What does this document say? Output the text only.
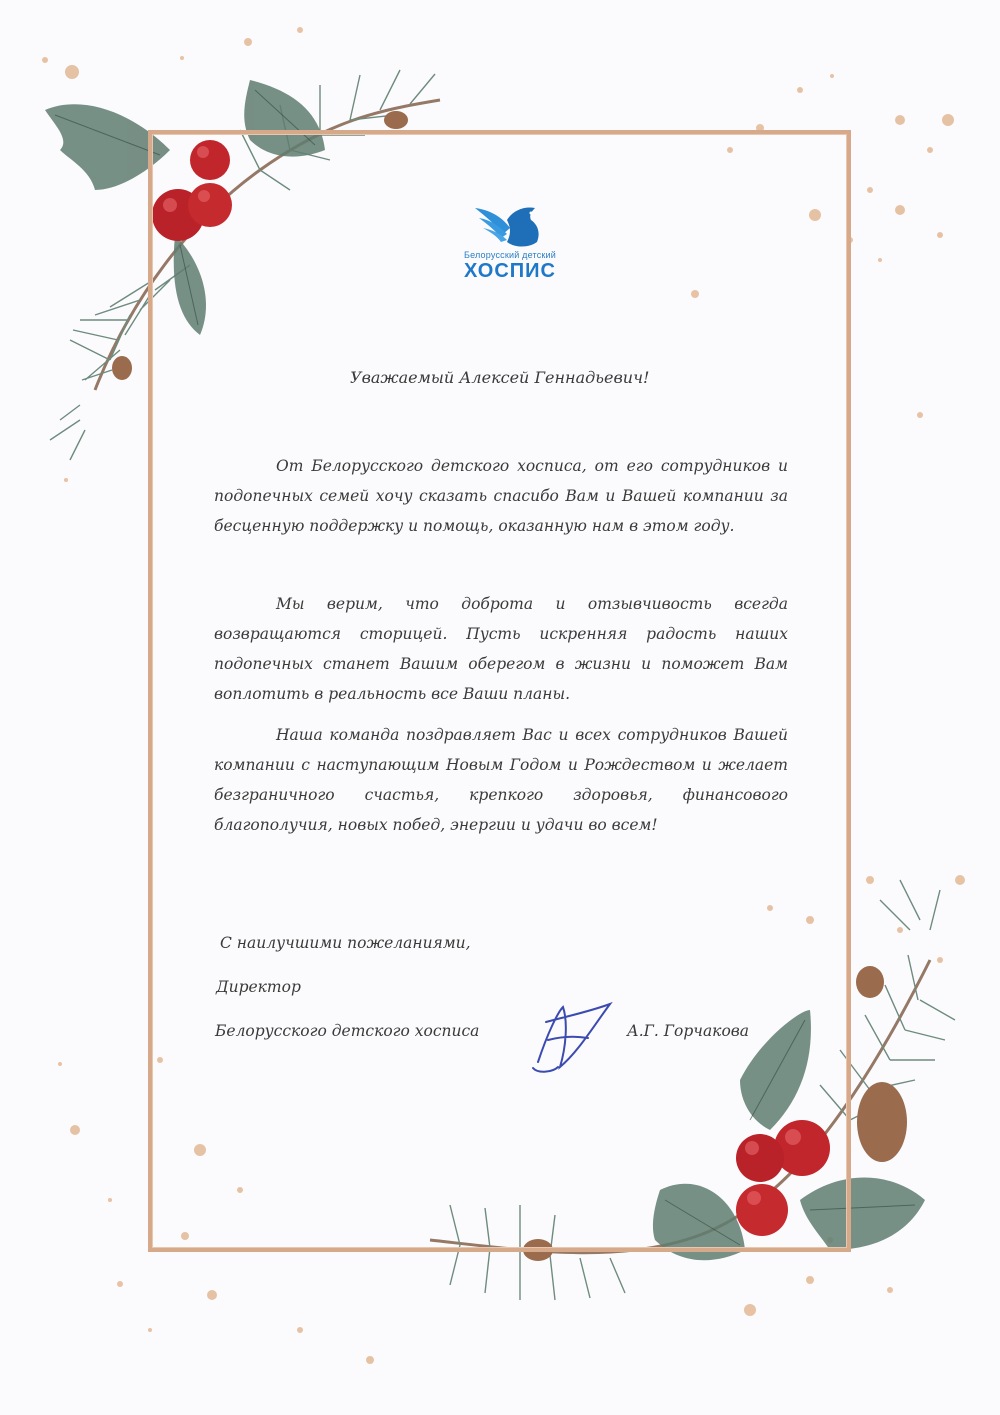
Белорусский детский
ХОСПИС
Уважаемый Алексей Геннадьевич!
От Белорусского детского хосписа, от его сотрудников и подопечных семей хочу сказать спасибо Вам и Вашей компании за бесценную поддержку и помощь, оказанную нам в этом году.
Мы верим, что доброта и отзывчивость всегда возвращаются сторицей. Пусть искренняя радость наших подопечных станет Вашим оберегом в жизни и поможет Вам воплотить в реальность все Ваши планы.
Наша команда поздравляет Вас и всех сотрудников Вашей компании с наступающим Новым Годом и Рождеством и желает безграничного счастья, крепкого здоровья, финансового благополучия, новых побед, энергии и удачи во всем!
С наилучшими пожеланиями,
Директор
Белорусского детского хосписа	А.Г. Горчакова
